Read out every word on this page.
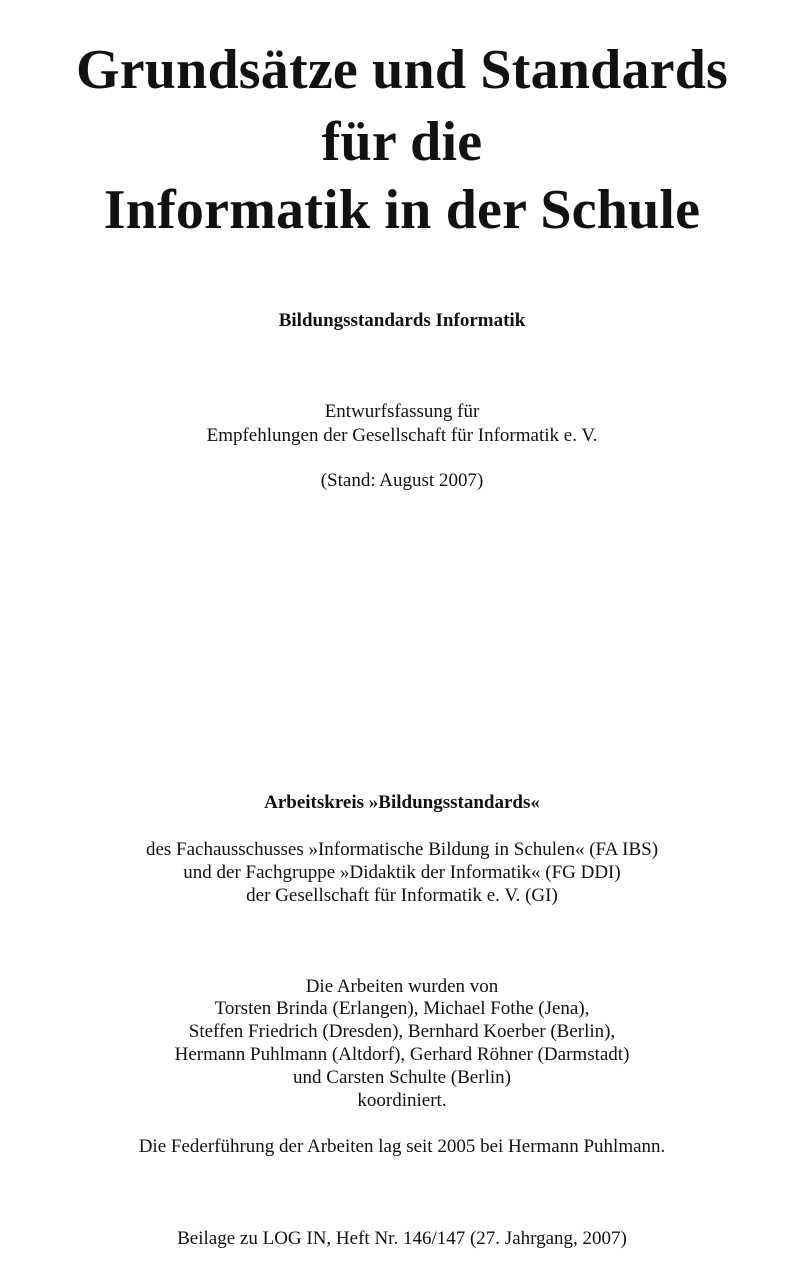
Grundsätze und Standards
für die
Informatik in der Schule
Bildungsstandards Informatik
Entwurfsfassung für
Empfehlungen der Gesellschaft für Informatik e. V.
(Stand: August 2007)
Arbeitskreis »Bildungsstandards«
des Fachausschusses »Informatische Bildung in Schulen« (FA IBS)
und der Fachgruppe »Didaktik der Informatik« (FG DDI)
der Gesellschaft für Informatik e. V. (GI)
Die Arbeiten wurden von
Torsten Brinda (Erlangen), Michael Fothe (Jena),
Steffen Friedrich (Dresden), Bernhard Koerber (Berlin),
Hermann Puhlmann (Altdorf), Gerhard Röhner (Darmstadt)
und Carsten Schulte (Berlin)
koordiniert.
Die Federführung der Arbeiten lag seit 2005 bei Hermann Puhlmann.
Beilage zu LOG IN, Heft Nr. 146/147 (27. Jahrgang, 2007)
